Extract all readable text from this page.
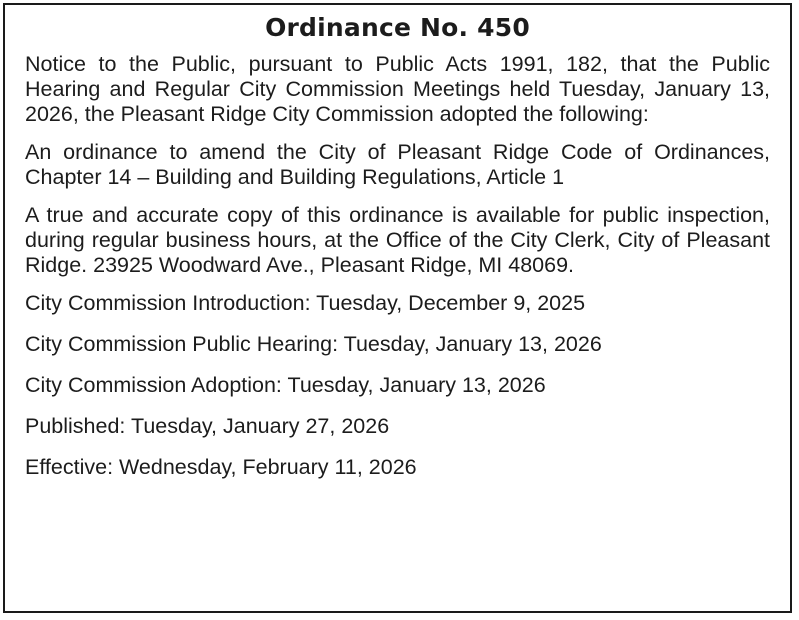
Ordinance No. 450

Notice to the Public, pursuant to Public Acts 1991, 182, that the Public Hearing and Regular City Commission Meetings held Tuesday, January 13, 2026, the Pleasant Ridge City Commission adopted the following:

An ordinance to amend the City of Pleasant Ridge Code of Ordinances, Chapter 14 – Building and Building Regulations, Article 1

A true and accurate copy of this ordinance is available for public inspection, during regular business hours, at the Office of the City Clerk, City of Pleasant Ridge. 23925 Woodward Ave., Pleasant Ridge, MI 48069.

City Commission Introduction: Tuesday, December 9, 2025
City Commission Public Hearing: Tuesday, January 13, 2026
City Commission Adoption: Tuesday, January 13, 2026
Published: Tuesday, January 27, 2026
Effective: Wednesday, February 11, 2026
